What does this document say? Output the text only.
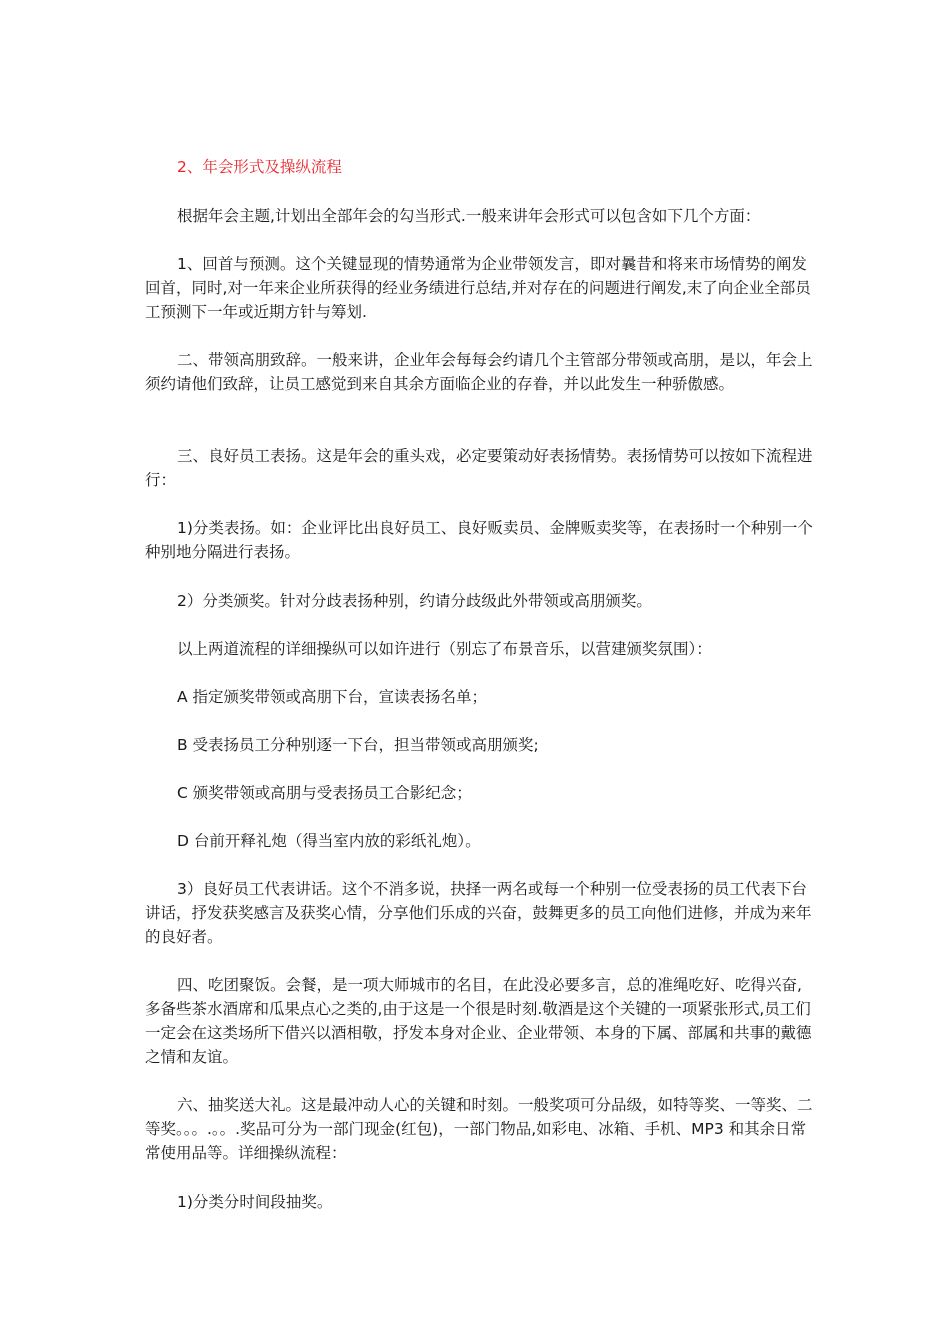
2、年会形式及操纵流程

根据年会主题,计划出全部年会的勾当形式.一般来讲年会形式可以包含如下几个方面：

1、回首与预测。这个关键显现的情势通常为企业带领发言，即对曩昔和将来市场情势的阐发回首，同时,对一年来企业所获得的经业务绩进行总结,并对存在的问题进行阐发,末了向企业全部员工预测下一年或近期方针与筹划.

二、带领高朋致辞。一般来讲，企业年会每每会约请几个主管部分带领或高朋，是以，年会上须约请他们致辞，让员工感觉到来自其余方面临企业的存眷，并以此发生一种骄傲感。

三、良好员工表扬。这是年会的重头戏，必定要策动好表扬情势。表扬情势可以按如下流程进行：

1)分类表扬。如：企业评比出良好员工、良好贩卖员、金牌贩卖奖等，在表扬时一个种别一个种别地分隔进行表扬。

2）分类颁奖。针对分歧表扬种别，约请分歧级此外带领或高朋颁奖。

以上两道流程的详细操纵可以如许进行（别忘了布景音乐，以营建颁奖氛围）：

A 指定颁奖带领或高朋下台，宣读表扬名单；

B 受表扬员工分种别逐一下台，担当带领或高朋颁奖;

C 颁奖带领或高朋与受表扬员工合影纪念；

D 台前开释礼炮（得当室内放的彩纸礼炮）。

3）良好员工代表讲话。这个不消多说，抉择一两名或每一个种别一位受表扬的员工代表下台讲话，抒发获奖感言及获奖心情，分享他们乐成的兴奋，鼓舞更多的员工向他们进修，并成为来年的良好者。

四、吃团聚饭。会餐，是一项大师城市的名目，在此没必要多言，总的准绳吃好、吃得兴奋,多备些茶水酒席和瓜果点心之类的,由于这是一个很是时刻.敬酒是这个关键的一项紧张形式,员工们一定会在这类场所下借兴以酒相敬，抒发本身对企业、企业带领、本身的下属、部属和共事的戴德之情和友谊。

六、抽奖送大礼。这是最冲动人心的关键和时刻。一般奖项可分品级，如特等奖、一等奖、二等奖。。。.。。.奖品可分为一部门现金(红包)，一部门物品,如彩电、冰箱、手机、MP3 和其余日常常使用品等。详细操纵流程：

1)分类分时间段抽奖。
